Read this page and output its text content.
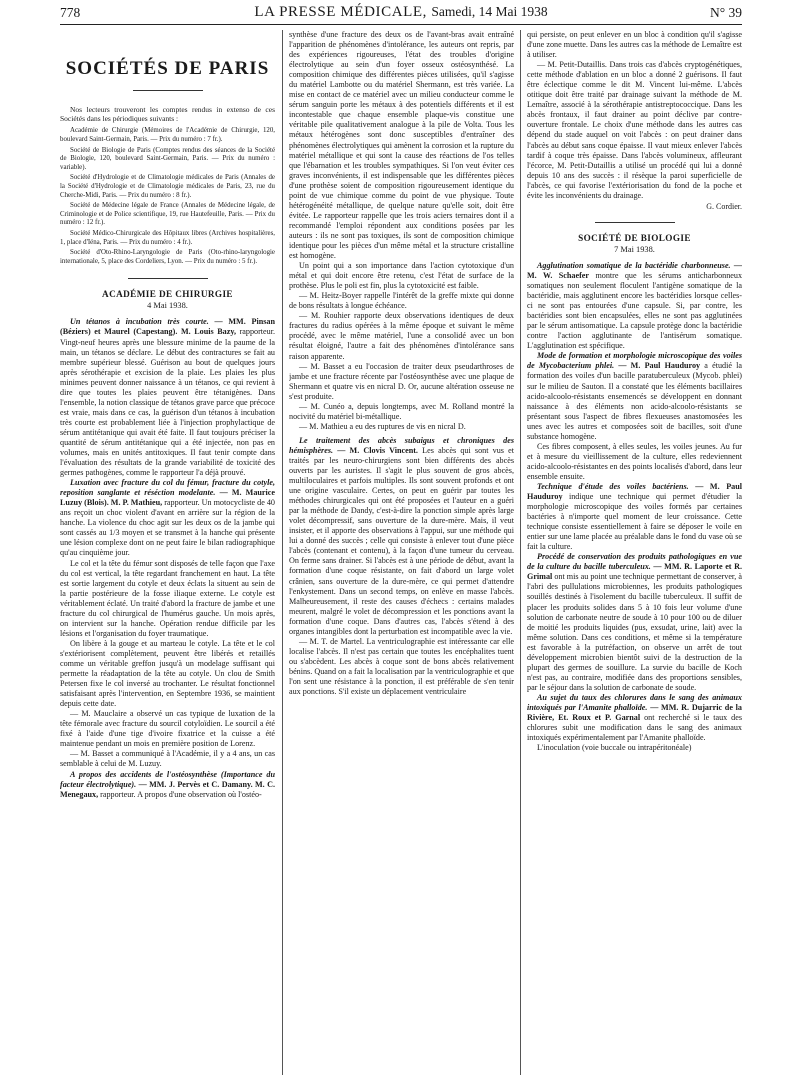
778	LA PRESSE MÉDICALE, Samedi, 14 Mai 1938	N° 39
SOCIÉTÉS DE PARIS

Nos lecteurs trouveront les comptes rendus in extenso de ces Sociétés dans les périodiques suivants :

Académie de Chirurgie (Mémoires de l'Académie de Chirurgie, 120, boulevard Saint-Germain, Paris. — Prix du numéro : 7 fr.).

Société de Biologie de Paris (Comptes rendus des séances de la Société de Biologie, 120, boulevard Saint-Germain, Paris. — Prix du numéro : variable).

Société d'Hydrologie et de Climatologie médicales de Paris (Annales de la Société d'Hydrologie et de Climatologie médicales de Paris, 23, rue du Cherche-Midi, Paris. — Prix du numéro : 8 fr.).

Société de Médecine légale de France (Annales de Médecine légale, de Criminologie et de Police scientifique, 19, rue Hautefeuille, Paris. — Prix du numéro : 12 fr.).

Société Médico-Chirurgicale des Hôpitaux libres (Archives hospitalières, 1, place d'Iéna, Paris. — Prix du numéro : 4 fr.).

Société d'Oto-Rhino-Laryngologie de Paris (Oto-rhino-laryngologie internationale, 5, place des Cordeliers, Lyon. — Prix du numéro : 5 fr.).

ACADÉMIE DE CHIRURGIE
4 Mai 1938.

Un tétanos à incubation très courte. — MM. Pinsan (Béziers) et Maurel (Capestang). M. Louis Bazy, rapporteur. Vingt-neuf heures après une blessure minime de la paume de la main, un tétanos se déclare. Le début des contractures se fait au membre supérieur blessé. Guérison au bout de quelques jours après sérothérapie et excision de la plaie. Les plaies les plus minimes peuvent donner naissance à un tétanos, ce qui revient à dire que toutes les plaies peuvent être tétanigènes. Dans l'ensemble, la notion classique de tétanos grave parce que précoce est vraie, mais dans ce cas, la guérison d'un tétanos à incubation très courte est probablement liée à l'injection prophylactique de sérum antitétanique qui avait été faite. Il faut toujours préciser la quantité de sérum antitétanique qui a été injectée, non pas en volumes, mais en unités antitoxiques. Il faut tenir compte dans l'évaluation des résultats de la grande variabilité de toxicité des germes pathogènes, comme le rapporteur l'a déjà prouvé.

Luxation avec fracture du col du fémur, fracture du cotyle, reposition sanglante et réséction modelante. — M. Maurice Luzuy (Blois). M. P. Mathieu, rapporteur. Un motocycliste de 40 ans reçoit un choc violent d'avant en arrière sur la région de la hanche. La violence du choc agit sur les deux os de la jambe qui sont cassés au 1/3 moyen et se transmet à la hanche qui présente une lésion complexe dont on ne peut faire le bilan radiographique qu'au cinquième jour.

Le col et la tête du fémur sont disposés de telle façon que l'axe du col est vertical, la tête regardant franchement en haut. La tête est sortie largement du cotyle et deux éclats la situent au sein de la partie postérieure de la fosse iliaque externe. Le cotyle est véritablement éclaté. Un traité d'abord la fracture de jambe et une fracture du col chirurgical de l'humérus gauche. Un mois après, on intervient sur la hanche. Opération rendue difficile par les lésions et l'organisation du foyer traumatique.

On libère à la gouge et au marteau le cotyle. La tête et le col s'extériorisent complètement, peuvent être libérés et retaillés comme un véritable greffon jusqu'à un modelage suffisant qui permette la réadaptation de la tête au cotyle. Un clou de Smith Petersen fixe le col inversé au trochanter. Le résultat fonctionnel satisfaisant après l'intervention, en Septembre 1936, se maintient depuis cette date.

— M. Mauclaire a observé un cas typique de luxation de la tête fémorale avec fracture du sourcil cotyloïdien. Le sourcil a été fixé à l'aide d'une tige d'ivoire fixatrice et la cuisse a été maintenue pendant un mois en première position de Lorenz.

— M. Basset a communiqué à l'Académie, il y a 4 ans, un cas semblable à celui de M. Luzuy.

A propos des accidents de l'ostéosynthèse (Importance du facteur électrolytique). — MM. J. Pervès et C. Damany. M. C. Menegaux, rapporteur. A propos d'une observation où l'ostéo-

synthèse d'une fracture des deux os de l'avant-bras avait entraîné l'apparition de phénomènes d'intolérance, les auteurs ont repris, par des expériences rigoureuses, l'état des troubles d'origine électrolytique au sein d'un foyer osseux ostéosynthésé. La composition chimique des différentes pièces utilisées, qu'il s'agisse du matériel Lambotte ou du matériel Shermann, est très variée. La mise en contact de ce matériel avec un milieu conducteur comme le sérum sanguin porte les métaux à des potentiels différents et il est incontestable que chaque ensemble plaque-vis constitue une véritable pile qualitativement analogue à la pile de Volta. Tous les métaux hétérogènes sont donc susceptibles d'entraîner des phénomènes électrolytiques qui amènent la corrosion et la rupture du matériel métallique et qui sont la cause des réactions de l'os telles que l'ébarnation et les troubles sympathiques. Si l'on veut éviter ces graves inconvénients, il est indispensable que les différentes pièces d'une prothèse soient de composition rigoureusement identique du point de vue chimique comme du point de vue physique. Toute hétérogénéité métallique, de quelque nature qu'elle soit, doit être évitée. Le rapporteur rappelle que les trois aciers ternaires dont il a recommandé l'emploi répondent aux conditions posées par les auteurs : ils ne sont pas toxiques, ils sont de composition chimique identique pour les pièces d'un même métal et la structure cristalline est homogène.

Un point qui a son importance dans l'action cytotoxique d'un métal et qui doit encore être retenu, c'est l'état de surface de la prothèse. Plus le poli est fin, plus la cytotoxicité est faible.

— M. Heitz-Boyer rappelle l'intérêt de la greffe mixte qui donne de bons résultats à longue échéance.

— M. Rouhier rapporte deux observations identiques de deux fractures du radius opérées à la même époque et suivant le même procédé, avec le même matériel, l'une a consolidé avec un bon résultat éloigné, l'autre a fait des phénomènes d'intolérance sans raison apparente.

— M. Basset a eu l'occasion de traiter deux pseudarthroses de jambe et une fracture récente par l'ostéosynthèse avec une plaque de Shermann et quatre vis en nicral D. Or, aucune altération osseuse ne s'est produite.

— M. Cunéo a, depuis longtemps, avec M. Rolland montré la nocivité du matériel bi-métallique.

— M. Mathieu a eu des ruptures de vis en nicral D.

Le traitement des abcès subaigus et chroniques des hémisphères. — M. Clovis Vincent. Les abcès qui sont vus et traités par les neuro-chirurgiens sont bien différents des abcès ouverts par les auristes. Il s'agit le plus souvent de gros abcès, multiloculaires et parfois multiples. Ils sont souvent profonds et ont une origine vasculaire. Certes, on peut en guérir par toutes les méthodes chirurgicales qui ont été proposées et l'auteur en a guéri par la méthode de Dandy, c'est-à-dire la ponction simple après large volet décompressif, sans ouverture de la dure-mère. Mais, il veut insister, et il apporte des observations à l'appui, sur une méthode qui lui a donné des succès ; celle qui consiste à enlever tout d'une pièce l'abcès (contenant et contenu), à la façon d'une tumeur du cerveau. On ferme sans drainer. Si l'abcès est à une période de début, avant la formation d'une coque résistante, on fait d'abord un large volet crânien, sans ouverture de la dure-mère, ce qui permet d'attendre l'enkystement. Dans un second temps, on enlève en masse l'abcès. Malheureusement, il reste des causes d'échecs : certains malades meurent, malgré le volet de décompression et les ponctions avant la formation d'une coque. Dans d'autres cas, l'abcès s'étend à des organes intangibles dont la perturbation est incompatible avec la vie.

— M. T. de Martel. La ventriculographie est intéressante car elle localise l'abcès. Il n'est pas certain que toutes les encéphalites tuent ou s'abcèdent. Les abcès à coque sont de bons abcès relativement bénins. Quand on a fait la localisation par la ventriculographie et que l'on sent une résistance à la ponction, il est préférable de s'en tenir aux ponctions. S'il existe un déplacement ventriculaire

qui persiste, on peut enlever en un bloc à condition qu'il s'agisse d'une zone muette. Dans les autres cas la méthode de Lemaître est à utiliser.

— M. Petit-Dutaillis. Dans trois cas d'abcès cryptogénétiques, cette méthode d'ablation en un bloc a donné 2 guérisons. Il faut être éclectique comme le dit M. Vincent lui-même. L'abcès otitique doit être traité par drainage suivant la méthode de M. Lemaître, associé à la sérothérapie antistreptococcique. Dans les abcès frontaux, il faut drainer au point déclive par contre-ouverture frontale. Le choix d'une méthode dans les autres cas dépend du stade auquel on voit l'abcès : on peut drainer dans l'abcès au début sans coque épaisse. Il vaut mieux enlever l'abcès tardif à coque très épaisse. Dans l'abcès volumineux, affleurant l'écorce, M. Petit-Dutaillis a utilisé un procédé qui lui a donné depuis 10 ans des succès : il résèque la paroi superficielle de l'abcès, ce qui favorise l'extériorisation du fond de la poche et évite les inconvénients du drainage.

G. Cordier.
SOCIÉTÉ DE BIOLOGIE
7 Mai 1938.

Agglutination somatique de la bactéridie charbonneuse. — M. W. Schaefer montre que les sérums anticharbonneux somatiques non seulement floculent l'antigène somatique de la bactéridie, mais agglutinent encore les bactéridies lorsque celles-ci ne sont pas entourées d'une capsule. Si, par contre, les bactéridies sont bien encapsulées, elles ne sont pas agglutinées par le sérum antisomatique. La capsule protège donc la bactéridie contre l'action agglutinante de l'antisérum somatique. L'agglutination est spécifique.

Mode de formation et morphologie microscopique des voiles de Mycobacterium phlei. — M. Paul Hauduroy a étudié la formation des voiles d'un bacille paratuberculeux (Mycob. phlei) sur le milieu de Sauton. Il a constaté que les éléments bacillaires acido-alcoolo-résistants ensemencés se développent en donnant naissance à des éléments non acido-alcoolo-résistants se présentant sous l'aspect de fibres flexueuses anastomosées les unes avec les autres et composées soit de bacilles, soit d'une substance homogène.

Ces fibres composent, à elles seules, les voiles jeunes. Au fur et à mesure du vieillissement de la culture, elles redeviennent acido-alcoolo-résistantes en des points localisés d'abord, dans leur ensemble ensuite.

Technique d'étude des voiles bactériens. — M. Paul Hauduroy indique une technique qui permet d'étudier la morphologie microscopique des voiles formés par certaines bactéries à n'importe quel moment de leur croissance. Cette technique consiste essentiellement à faire se déposer le voile en entier sur une lame placée au préalable dans le fond du vase où se fait la culture.

Procédé de conservation des produits pathologiques en vue de la culture du bacille tuberculeux. — MM. R. Laporte et R. Grimal ont mis au point une technique permettant de conserver, à l'abri des pullulations microbiennes, les produits pathologiques souillés destinés à l'isolement du bacille tuberculeux. Il suffit de placer les produits solides dans 5 à 10 fois leur volume d'une solution de carbonate neutre de soude à 10 pour 100 ou de diluer de moitié les produits liquides (pus, exsudat, urine, lait) avec la même solution. Dans ces conditions, et même si la température est favorable à la putréfaction, on observe un arrêt de tout développement microbien bientôt suivi de la destruction de la plupart des germes de souillure. La survie du bacille de Koch n'est pas, au contraire, modifiée dans des proportions sensibles, par le séjour dans la solution de carbonate de soude.

Au sujet du taux des chlorures dans le sang des animaux intoxiqués par l'Amanite phalloïde. — MM. R. Dujarric de la Rivière, Et. Roux et P. Garnal ont recherché si le taux des chlorures subit une modification dans le sang des animaux intoxiqués expérimentalement par l'Amanite phalloïde.

L'inoculation (voie buccale ou intrapéritonéale)
